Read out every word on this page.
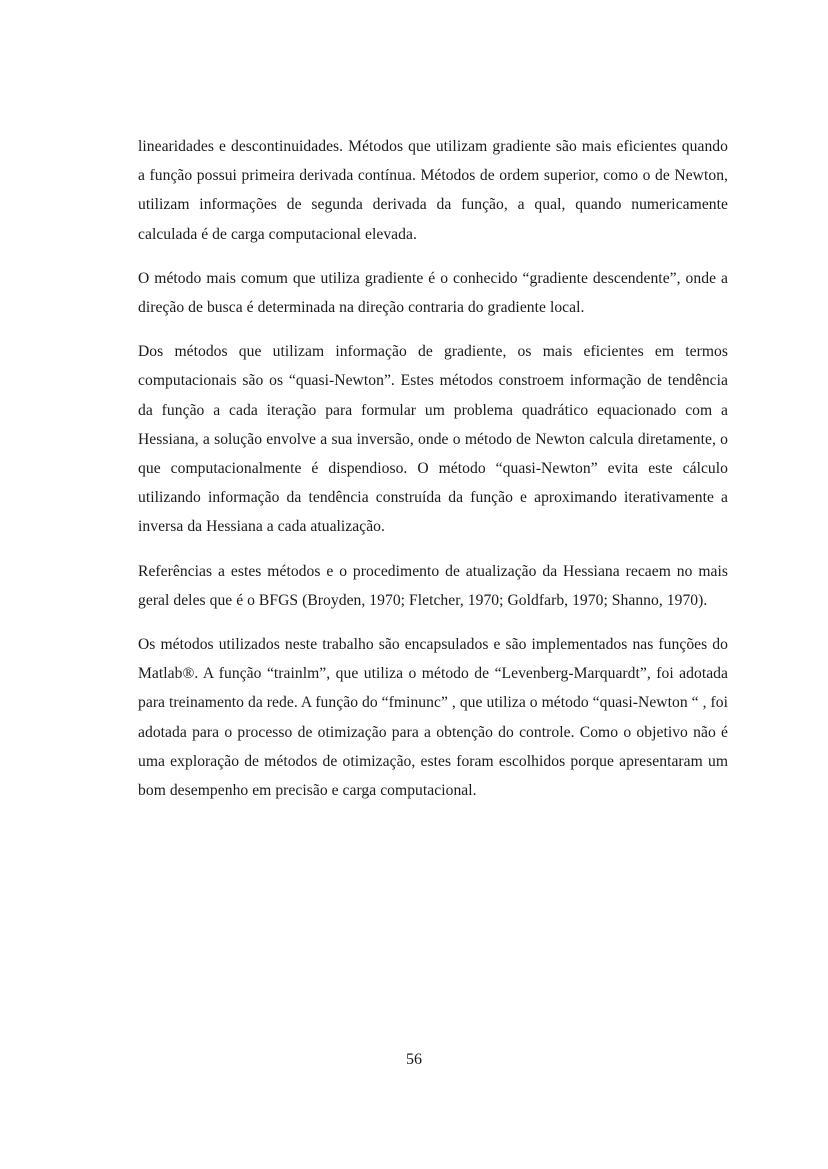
linearidades e descontinuidades. Métodos que utilizam gradiente são mais eficientes quando a função possui primeira derivada contínua. Métodos de ordem superior, como o de Newton, utilizam informações de segunda derivada da função, a qual, quando numericamente calculada é de carga computacional elevada.

O método mais comum que utiliza gradiente é o conhecido “gradiente descendente”, onde a direção de busca é determinada na direção contraria do gradiente local.

Dos métodos que utilizam informação de gradiente, os mais eficientes em termos computacionais são os “quasi-Newton”. Estes métodos constroem informação de tendência da função a cada iteração para formular um problema quadrático equacionado com a Hessiana, a solução envolve a sua inversão, onde o método de Newton calcula diretamente, o que computacionalmente é dispendioso. O método “quasi-Newton” evita este cálculo utilizando informação da tendência construída da função e aproximando iterativamente a inversa da Hessiana a cada atualização.

Referências a estes métodos e o procedimento de atualização da Hessiana recaem no mais geral deles que é o BFGS (Broyden, 1970; Fletcher, 1970; Goldfarb, 1970; Shanno, 1970).

Os métodos utilizados neste trabalho são encapsulados e são implementados nas funções do Matlab®. A função “trainlm”, que utiliza o método de “Levenberg-Marquardt”, foi adotada para treinamento da rede. A função do “fminunc” , que utiliza o método “quasi-Newton “ , foi adotada para o processo de otimização para a obtenção do controle. Como o objetivo não é uma exploração de métodos de otimização, estes foram escolhidos porque apresentaram um bom desempenho em precisão e carga computacional.

56
